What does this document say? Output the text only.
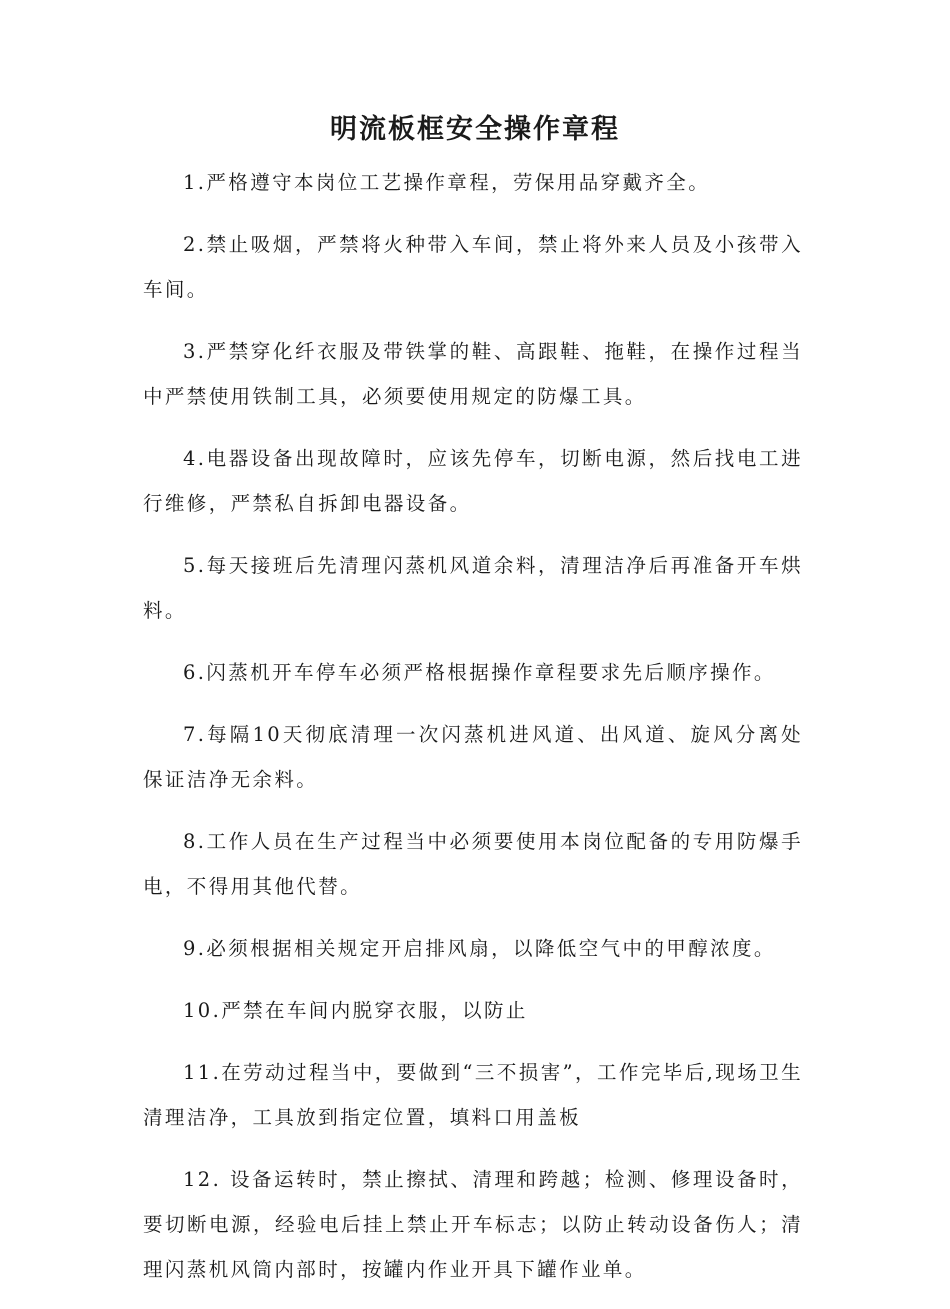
明流板框安全操作章程

1.严格遵守本岗位工艺操作章程，劳保用品穿戴齐全。

2.禁止吸烟，严禁将火种带入车间，禁止将外来人员及小孩带入车间。

3.严禁穿化纤衣服及带铁掌的鞋、高跟鞋、拖鞋，在操作过程当中严禁使用铁制工具，必须要使用规定的防爆工具。

4.电器设备出现故障时，应该先停车，切断电源，然后找电工进行维修，严禁私自拆卸电器设备。

5.每天接班后先清理闪蒸机风道余料，清理洁净后再准备开车烘料。

6.闪蒸机开车停车必须严格根据操作章程要求先后顺序操作。

7.每隔10天彻底清理一次闪蒸机进风道、出风道、旋风分离处保证洁净无余料。

8.工作人员在生产过程当中必须要使用本岗位配备的专用防爆手电，不得用其他代替。

9.必须根据相关规定开启排风扇，以降低空气中的甲醇浓度。

10.严禁在车间内脱穿衣服，以防止

11.在劳动过程当中，要做到“三不损害”，工作完毕后,现场卫生清理洁净，工具放到指定位置，填料口用盖板

12. 设备运转时，禁止擦拭、清理和跨越；检测、修理设备时，要切断电源，经验电后挂上禁止开车标志；以防止转动设备伤人；清理闪蒸机风筒内部时，按罐内作业开具下罐作业单。
